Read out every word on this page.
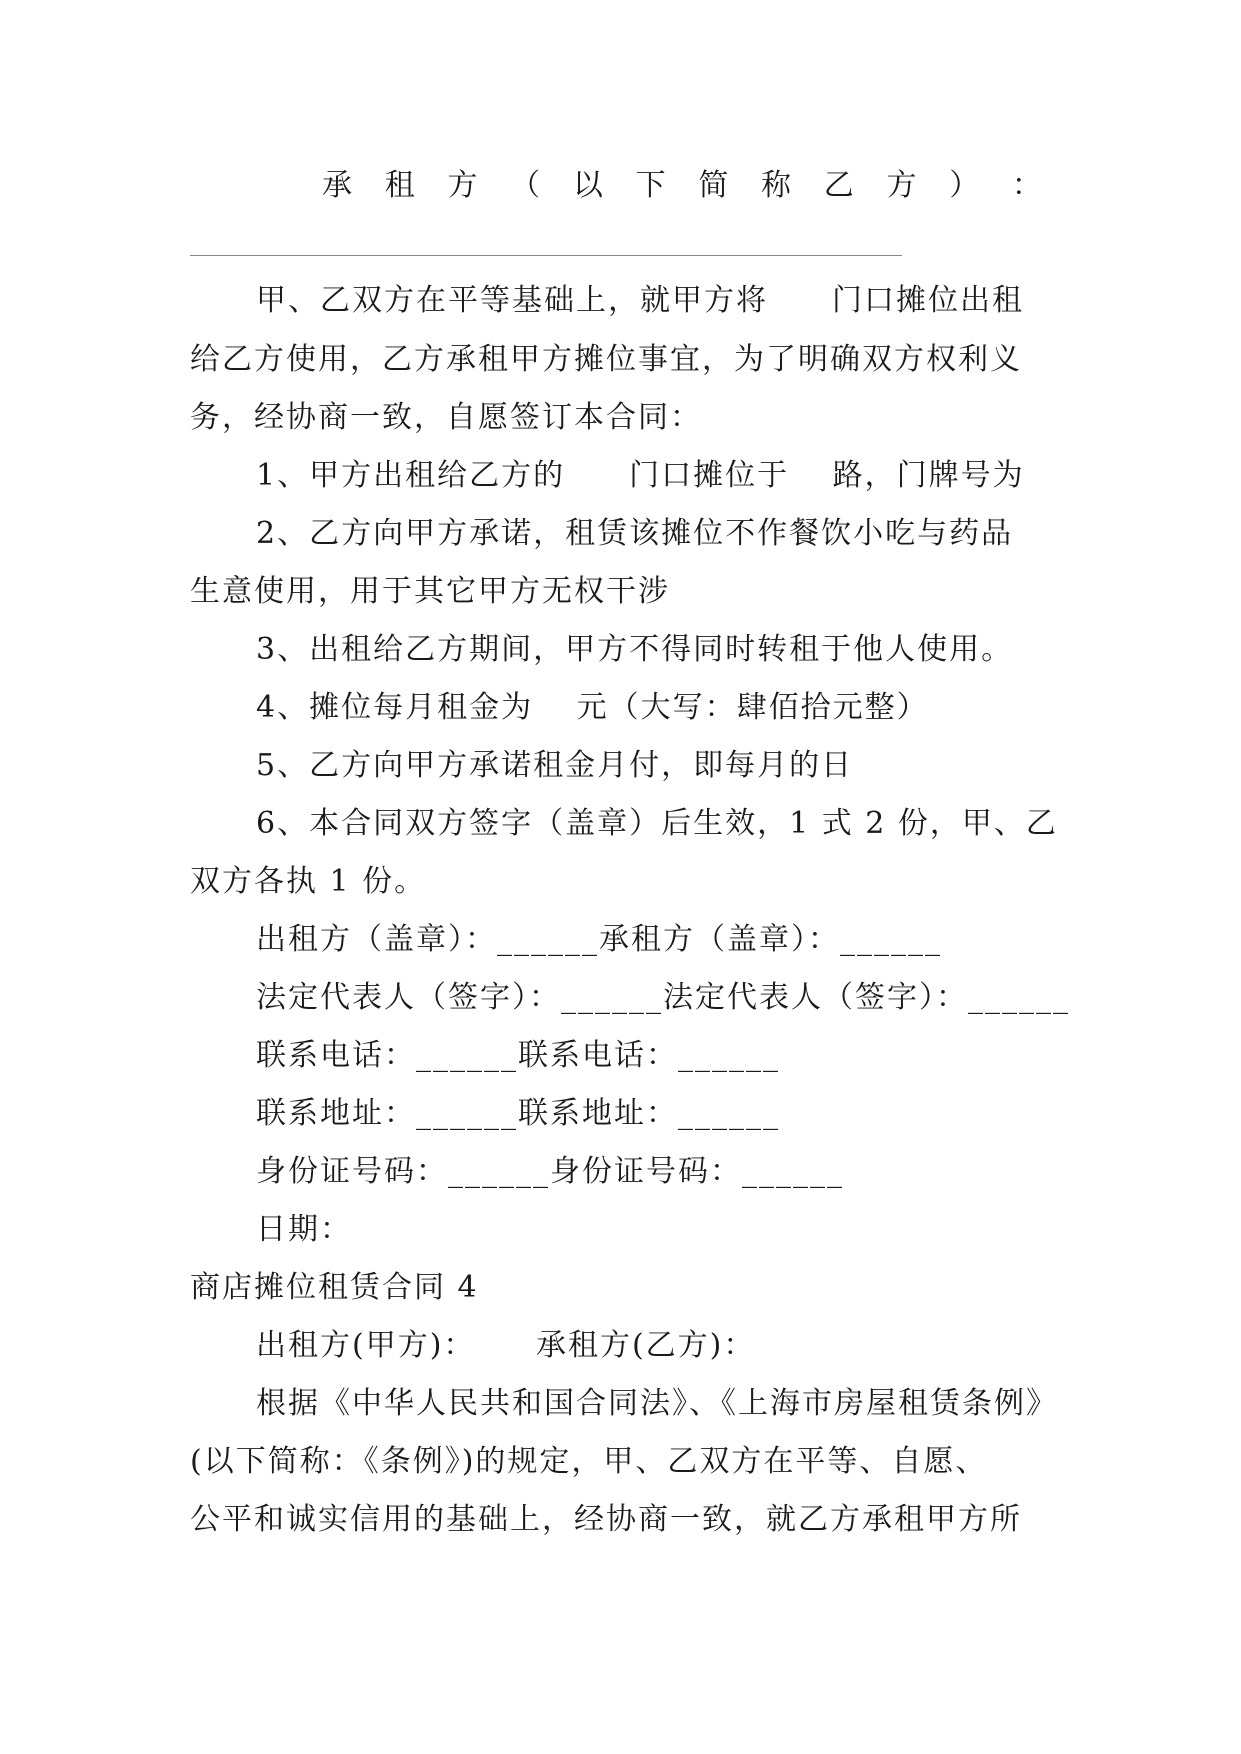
承 租 方 （ 以 下 简 称 乙 方 ） ：
甲、乙双方在平等基础上，就甲方将　　门口摊位出租
给乙方使用，乙方承租甲方摊位事宜，为了明确双方权利义
务，经协商一致，自愿签订本合同：
1、甲方出租给乙方的　　门口摊位于　 路，门牌号为
2、乙方向甲方承诺，租赁该摊位不作餐饮小吃与药品
生意使用，用于其它甲方无权干涉
3、出租给乙方期间，甲方不得同时转租于他人使用。
4、摊位每月租金为　 元（大写：肆佰拾元整）
5、乙方向甲方承诺租金月付，即每月的日
6、本合同双方签字（盖章）后生效，1 式 2 份，甲、乙
双方各执 1 份。
出租方（盖章）：______承租方（盖章）：______
法定代表人（签字）：______法定代表人（签字）：______
联系电话：______联系电话：______
联系地址：______联系地址：______
身份证号码：______身份证号码：______
日期：
商店摊位租赁合同 4
出租方(甲方)：　　 承租方(乙方)：
根据《中华人民共和国合同法》、《上海市房屋租赁条例》
(以下简称：《条例》)的规定，甲、乙双方在平等、自愿、
公平和诚实信用的基础上，经协商一致，就乙方承租甲方所
